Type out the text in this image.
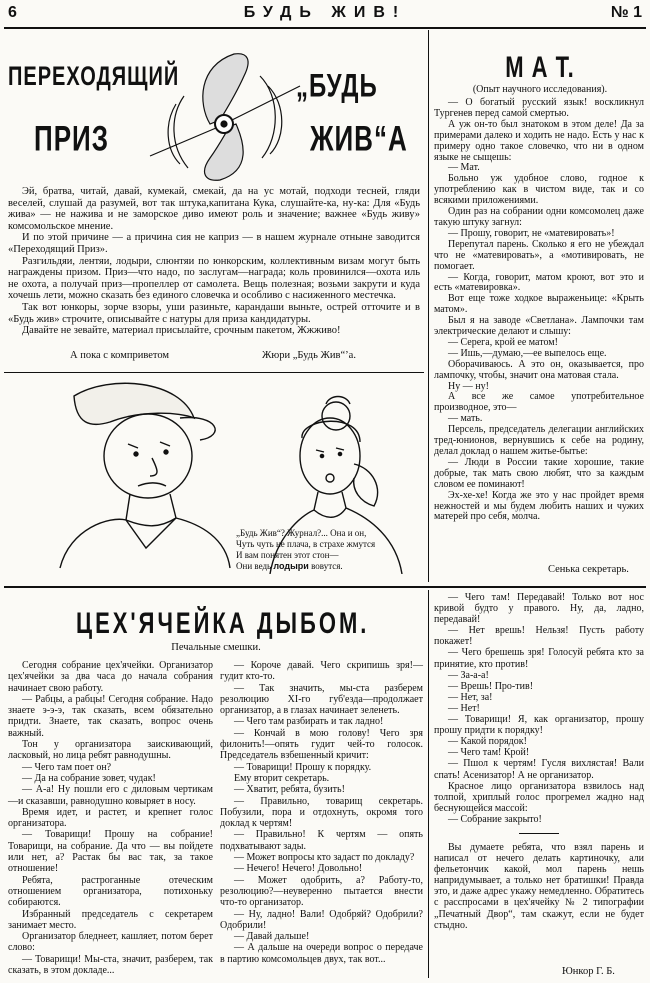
6	БУДЬ ЖИВ!	№ 1
ПЕРЕХОДЯЩИЙ
ПРИЗ
„БУДЬ
ЖИВ“А

Эй, братва, читай, давай, кумекай, смекай, да на ус мотай, подходи тесней, гляди веселей, слушай да разумей, вот так штука,капитана Кука, слушайте-ка, ну-ка: Для «Будь жива» — не нажива и не заморское диво имеют роль и значение; важнее «Будь живу» комсомольское мнение.

И по этой причине — а причина сия не каприз — в нашем журнале отныне заводится «Переходящий Приз».

Разгильдяи, лентяи, лодыри, слюнтяи по юнкорским, коллективным визам могут быть награждены призом. Приз—что надо, по заслугам—награда; коль провинился—охота иль не охота, а получай приз—пропеллер от самолета. Вещь полезная; возьми закрути и куда хочешь лети, можно сказать без единого словечка и особливо с насиженного местечка.

Так вот юнкоры, зорче взоры, уши разиньте, карандаши выньте, острей отточите и в «Будь жив» строчите, описывайте с натуры для приза кандидатуры.

Давайте не зевайте, материал присылайте, срочным пакетом, Жжживо!

А пока с комприветом	Жюри „Будь Жив“’а.
„Будь Жив“? Журнал?... Она и он,
Чуть чуть не плача, в страхе жмутся
И вам понятен этот стон—
Они ведь лодыри вовутся.
М А Т.
(Опыт научного исследования).

— О богатый русский язык! воскликнул Тургенев перед самой смертью.

А уж он-то был знатоком в этом деле! Да за примерами далеко и ходить не надо. Есть у нас к примеру одно такое словечко, что ни в одном языке не сыщешь:

— Мат.

Больно уж удобное слово, годное к употреблению как в чистом виде, так и со всякими приложениями.

Один раз на собрании одни комсомолец даже такую штуку загнул:

— Прошу, говорит, не «матевировать»!

Перепутал парень. Сколько я его не убеждал что не «матевировать», а «мотивировать, не помогает.

— Когда, говорит, матом кроют, вот это и есть «матевировка».

Вот еще тоже ходкое выраженьице: «Крыть матом».

Был я на заводе «Светлана». Лампочки там электрические делают и слышу:

— Серега, крой ее матом!

— Ишь,—думаю,—ее выпелось еще.

Оборачиваюсь. А это он, оказывается, про лампочку, чтобы, значит она матовая стала.

Ну — ну!

А все же самое употребительное производное, это—

— мать.

Персель, председатель делегации английских тред-юнионов, вернувшись к себе на родину, делал доклад о нашем житье-бытье:

— Люди в России такие хорошие, такие добрые, так мать свою любят, что за каждым словом ее поминают!

Эх-хе-хе! Когда же это у нас пройдет время нежностей и мы будем любить наших и чужих матерей про себя, молча.

Сенька секретарь.
ЦЕХ'ЯЧЕЙКА ДЫБОМ.
Печальные смешки.

Сегодня собрание цех'ячейки. Организатор цех'ячейки за два часа до начала собрания начинает свою работу.

— Рабцы, а рабцы! Сегодня собрание. Надо знаете э-э-э, так сказать, всем обязательно придти. Знаете, так сказать, вопрос очень важный.

Тон у организатора заискивающий, ласковый, но лица ребят равнодушны.

— Чего там поет он?

— Да на собрание зовет, чудак!

— А-а! Ну пошли его с диловым чертикам—и сказавши, равнодушно ковыряет в носу.

Время идет, и растет, и крепнет голос организатора.

— Товарищи! Прошу на собрание! Товарищи, на собрание. Да что — вы пойдете или нет, а? Растак бы вас так, за такое отношение!

Ребята, растроганные отеческим отношением организатора, потихоньку собираются.

Избранный председатель с секретарем занимает место.

Организатор бледнеет, кашляет, потом берет слово:

— Товарищи! Мы-ста, значит, разберем, так сказать, в этом докладе...

— Короче давай. Чего скрипишь зря!— гудит кто-то.

— Так значить, мы-ста разберем резолюцию XI-го губ'езда—продолжает организатор, а в глазах начинает зеленеть.

— Чего там разбирать и так ладно!

— Кончай в мою голову! Чего зря филонить!—опять гудит чей-то голосок. Председатель взбешенный кричит:

— Товарищи! Прошу к порядку.

Ему вторит секретарь.

— Хватит, ребята, бузить!

— Правильно, товарищ секретарь. Побузили, пора и отдохнуть, окромя того доклад к чертям!

— Правильно! К чертям — опять подхватывают зады.

— Может вопросы кто задаст по докладу?

— Нечего! Нечего! Довольно!

— Может одобрить, а? Работу-то, резолюцию?—неуверенно пытается внести что-то организатор.

— Ну, ладно! Вали! Одобряй? Одобрили? Одобрили!

— Давай дальше!

— А дальше на очереди вопрос о передаче в партию комсомольцев двух, так вот...

— Чего там! Передавай! Только вот нос кривой будто у правого. Ну, да, ладно, передавай!

— Нет врешь! Нельзя! Пусть работу покажет!

— Чего брешешь зря! Голосуй ребята кто за принятие, кто против!

— За-а-а!

— Врешь! Про-тив!

— Нет, за!

— Нет!

— Товарищи! Я, как организатор, прошу прошу придти к порядку!

— Какой порядок!

— Чего там! Крой!

— Пшол к чертям! Гусля вихлястая! Вали спать! Асенизатор! А не организатор.

Красное лицо организатора взвилось над толпой, хриплый голос прогремел жадно над беснующейся массой:

— Собрание закрыто!

Вы думаете ребята, что взял парень и написал от нечего делать картиночку, али фельетончик какой, мол парень нешь напридумывает, а только нет братишки! Правда это, и даже адрес укажу немедленно. Обратитесь с расспросами в цех'ячейку № 2 типографии „Печатный Двор“, там скажут, если не будет стыдно.

Юнкор Г. Б.
